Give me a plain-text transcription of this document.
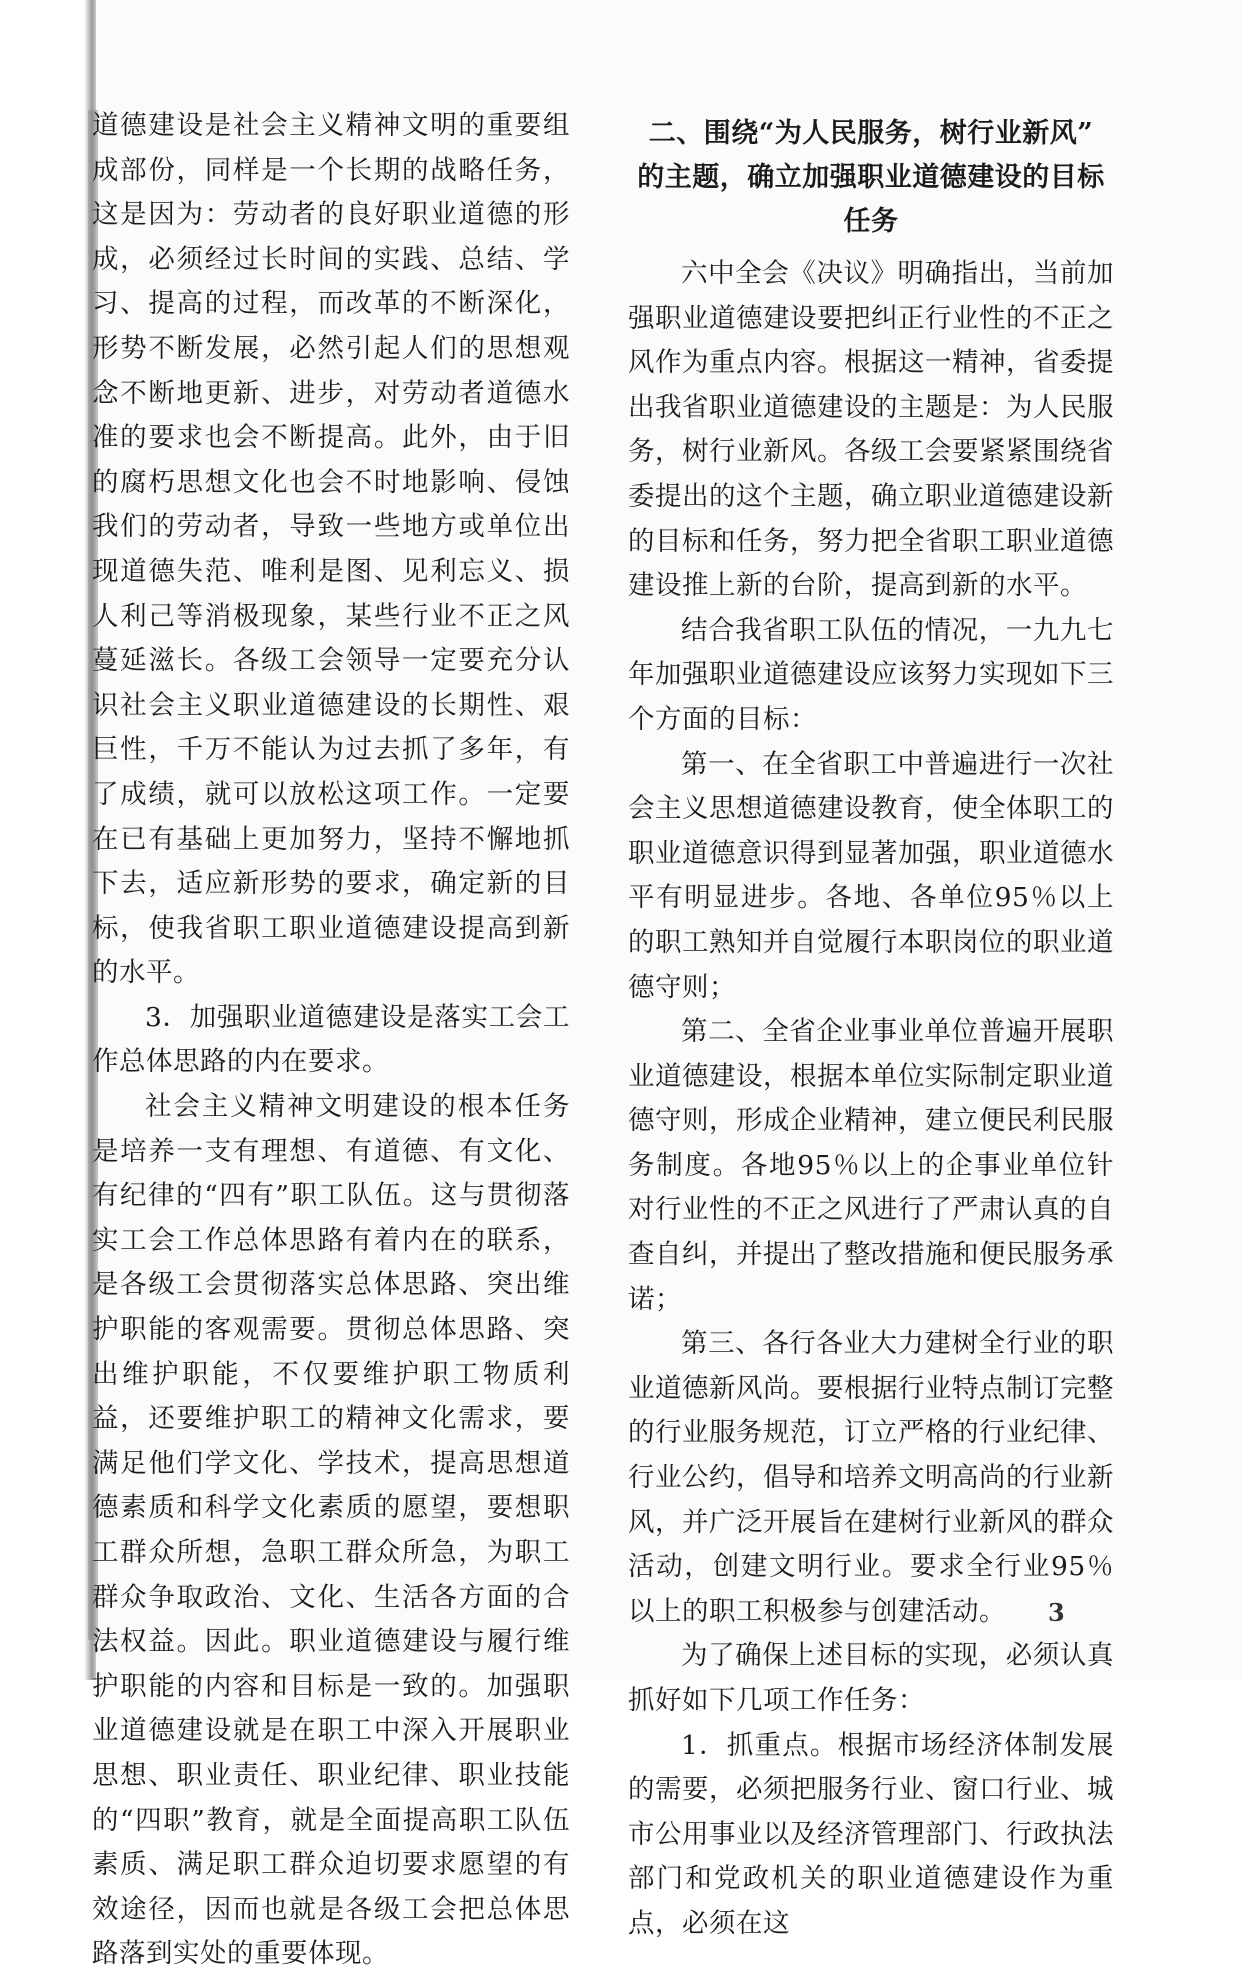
道德建设是社会主义精神文明的重要组成部份，同样是一个长期的战略任务，这是因为：劳动者的良好职业道德的形成，必须经过长时间的实践、总结、学习、提高的过程，而改革的不断深化，形势不断发展，必然引起人们的思想观念不断地更新、进步，对劳动者道德水准的要求也会不断提高。此外，由于旧的腐朽思想文化也会不时地影响、侵蚀我们的劳动者，导致一些地方或单位出现道德失范、唯利是图、见利忘义、损人利己等消极现象，某些行业不正之风蔓延滋长。各级工会领导一定要充分认识社会主义职业道德建设的长期性、艰巨性，千万不能认为过去抓了多年，有了成绩，就可以放松这项工作。一定要在已有基础上更加努力，坚持不懈地抓下去，适应新形势的要求，确定新的目标，使我省职工职业道德建设提高到新的水平。

3．加强职业道德建设是落实工会工作总体思路的内在要求。

社会主义精神文明建设的根本任务是培养一支有理想、有道德、有文化、有纪律的“四有”职工队伍。这与贯彻落实工会工作总体思路有着内在的联系，是各级工会贯彻落实总体思路、突出维护职能的客观需要。贯彻总体思路、突出维护职能，不仅要维护职工物质利益，还要维护职工的精神文化需求，要满足他们学文化、学技术，提高思想道德素质和科学文化素质的愿望，要想职工群众所想，急职工群众所急，为职工群众争取政治、文化、生活各方面的合法权益。因此。职业道德建设与履行维护职能的内容和目标是一致的。加强职业道德建设就是在职工中深入开展职业思想、职业责任、职业纪律、职业技能的“四职”教育，就是全面提高职工队伍素质、满足职工群众迫切要求愿望的有效途径，因而也就是各级工会把总体思路落到实处的重要体现。

二、围绕“为人民服务，树行业新风”
的主题，确立加强职业道德建设的目标任务

六中全会《决议》明确指出，当前加强职业道德建设要把纠正行业性的不正之风作为重点内容。根据这一精神，省委提出我省职业道德建设的主题是：为人民服务，树行业新风。各级工会要紧紧围绕省委提出的这个主题，确立职业道德建设新的目标和任务，努力把全省职工职业道德建设推上新的台阶，提高到新的水平。

结合我省职工队伍的情况，一九九七年加强职业道德建设应该努力实现如下三个方面的目标：

第一、在全省职工中普遍进行一次社会主义思想道德建设教育，使全体职工的职业道德意识得到显著加强，职业道德水平有明显进步。各地、各单位95％以上的职工熟知并自觉履行本职岗位的职业道德守则；

第二、全省企业事业单位普遍开展职业道德建设，根据本单位实际制定职业道德守则，形成企业精神，建立便民利民服务制度。各地95％以上的企事业单位针对行业性的不正之风进行了严肃认真的自查自纠，并提出了整改措施和便民服务承诺；

第三、各行各业大力建树全行业的职业道德新风尚。要根据行业特点制订完整的行业服务规范，订立严格的行业纪律、行业公约，倡导和培养文明高尚的行业新风，并广泛开展旨在建树行业新风的群众活动，创建文明行业。要求全行业95％以上的职工积极参与创建活动。

为了确保上述目标的实现，必须认真抓好如下几项工作任务：

1．抓重点。根据市场经济体制发展的需要，必须把服务行业、窗口行业、城市公用事业以及经济管理部门、行政执法部门和党政机关的职业道德建设作为重点，必须在这

3
